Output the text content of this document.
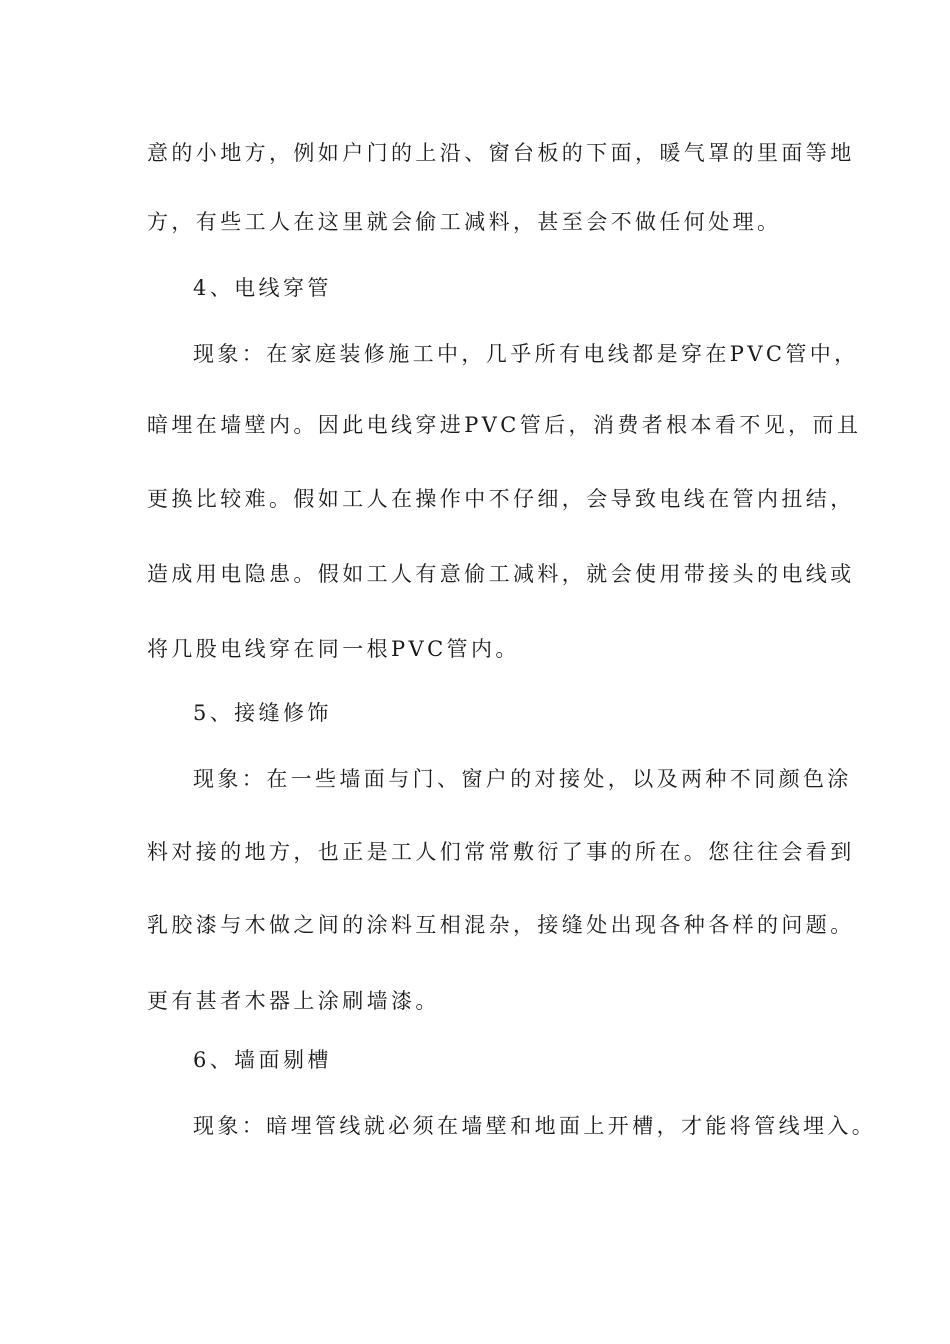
意的小地方，例如户门的上沿、窗台板的下面，暖气罩的里面等地
方，有些工人在这里就会偷工减料，甚至会不做任何处理。
4、电线穿管
现象：在家庭装修施工中，几乎所有电线都是穿在PVC管中，
暗埋在墙壁内。因此电线穿进PVC管后，消费者根本看不见，而且
更换比较难。假如工人在操作中不仔细，会导致电线在管内扭结，
造成用电隐患。假如工人有意偷工减料，就会使用带接头的电线或
将几股电线穿在同一根PVC管内。
5、接缝修饰
现象：在一些墙面与门、窗户的对接处，以及两种不同颜色涂
料对接的地方，也正是工人们常常敷衍了事的所在。您往往会看到
乳胶漆与木做之间的涂料互相混杂，接缝处出现各种各样的问题。
更有甚者木器上涂刷墙漆。
6、墙面剔槽
现象：暗埋管线就必须在墙壁和地面上开槽，才能将管线埋入。
